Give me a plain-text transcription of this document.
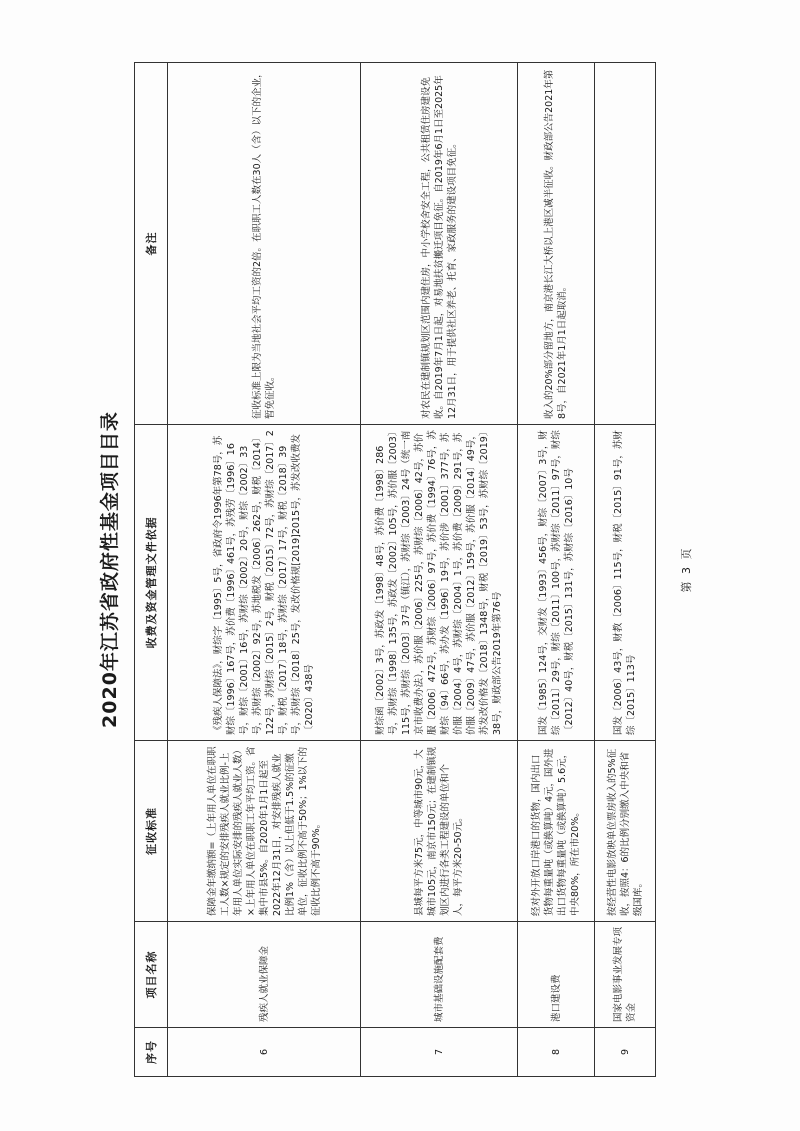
2020年江苏省政府性基金项目目录
序号	项目名称	征收标准	收费及资金管理文件依据	备注
6	残疾人就业保障金	保障金年缴纳额=（上年用人单位在职职工人数×规定的安排残疾人就业比例-上年用人单位实际安排的残疾人就业人数）×上年用人单位在职职工年平均工资。省集中市县5%。自2020年1月1日起至2022年12月31日，对安排残疾人就业比例1%（含）以上但低于1.5%的征缴单位，征收比例不高于50%；1%以下的征收比例不高于90%。	《残疾人保障法》，财综字〔1995〕5号，省政府令1996年第78号，苏财综〔1996〕167号，苏价费〔1996〕461号，苏残劳〔1996〕16号，财综〔2001〕16号，苏财综〔2002〕20号，财综〔2002〕33号，苏财综〔2002〕92号，苏地税发〔2006〕262号，财税〔2014〕122号，苏财综〔2015〕2号，财税〔2015〕72号，苏财综〔2017〕2号，财税〔2017〕18号，苏财综〔2017〕17号，财税〔2018〕39号，苏财综〔2018〕25号，发改价格规[2019]2015号，苏发改收费发〔2020〕438号	征收标准上限为当地社会平均工资的2倍。在职职工人数在30人（含）以下的企业，暂免征收。
7	城市基础设施配套费	县城每平方米75元，中等城市90元，大城市105元，南京市150元；在建制镇规划区内进行各类工程建设的单位和个人，每平方米20-50元。	财综函〔2002〕3号，苏政发〔1998〕48号，苏价费〔1998〕286号，苏财综〔1998〕135号，苏政发〔2002〕105号，苏价服〔2003〕115号，苏财综〔2003〕37号（镇江），苏财综〔2003〕24号（统一南京市收费办法），苏价服〔2006〕225号，苏财综〔2006〕42号，苏价服〔2006〕472号，苏财综〔2006〕97号，苏价费〔1994〕76号，苏财综〔94〕66号，苏办发〔1996〕19号，苏价涉〔2001〕377号，苏价服〔2004〕4号，苏财综〔2004〕1号，苏价费〔2009〕291号，苏价服〔2009〕47号，苏价服〔2012〕159号，苏价服〔2014〕49号，苏发改价格发〔2018〕1348号，财税〔2019〕53号，苏财综〔2019〕38号，财政部公告2019年第76号	对农民在建制镇规划区范围内建住房，中小学校舍安全工程，公共租赁住房建设免收。自2019年7月1日起，对易地扶贫搬迁项目免征。自2019年6月1日至2025年12月31日，用于提供社区养老、托育、家政服务的建设项目免征。
8	港口建设费	经对外开放口岸港口的货物，国内出口货物每重量吨（或换算吨）4元，国外进出口货物每重量吨（或换算吨）5.6元，中央80%，所在市20%。	国发〔1985〕124号，交财发〔1993〕456号，财综〔2007〕3号，财综〔2011〕29号，财综〔2011〕100号，苏财综〔2011〕97号，财综〔2012〕40号，财税〔2015〕131号，苏财综〔2016〕10号	收入的20%部分留地方，南京港长江大桥以上港区减半征收。财政部公告2021年第8号，自2021年1月1日起取消。
9	国家电影事业发展专项资金	按经营性电影放映单位票房收入的5%征收，按照4：6的比例分别缴入中央和省级国库。	国发〔2006〕43号，财教〔2006〕115号，财税〔2015〕91号，苏财综〔2015〕113号	
第 3 页
